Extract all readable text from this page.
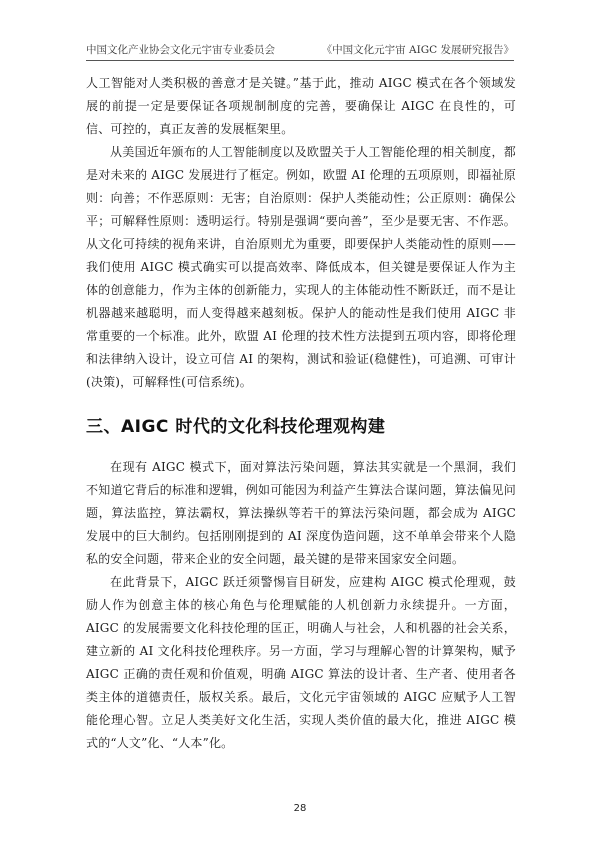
中国文化产业协会文化元宇宙专业委员会	《中国文化元宇宙 AIGC 发展研究报告》

人工智能对人类积极的善意才是关键。”基于此，推动 AIGC 模式在各个领域发展的前提一定是要保证各项规制制度的完善，要确保让 AIGC 在良性的，可信、可控的，真正友善的发展框架里。

从美国近年颁布的人工智能制度以及欧盟关于人工智能伦理的相关制度，都是对未来的 AIGC 发展进行了框定。例如，欧盟 AI 伦理的五项原则，即福祉原则：向善；不作恶原则：无害；自治原则：保护人类能动性；公正原则：确保公平；可解释性原则：透明运行。特别是强调“要向善”，至少是要无害、不作恶。从文化可持续的视角来讲，自治原则尤为重要，即要保护人类能动性的原则——我们使用 AIGC 模式确实可以提高效率、降低成本，但关键是要保证人作为主体的创意能力，作为主体的创新能力，实现人的主体能动性不断跃迁，而不是让机器越来越聪明，而人变得越来越刻板。保护人的能动性是我们使用 AIGC 非常重要的一个标准。此外，欧盟 AI 伦理的技术性方法提到五项内容，即将伦理和法律纳入设计，设立可信 AI 的架构，测试和验证(稳健性)，可追溯、可审计(决策)，可解释性(可信系统)。

三、AIGC 时代的文化科技伦理观构建

在现有 AIGC 模式下，面对算法污染问题，算法其实就是一个黑洞，我们不知道它背后的标准和逻辑，例如可能因为利益产生算法合谋问题，算法偏见问题，算法监控，算法霸权，算法操纵等若干的算法污染问题，都会成为 AIGC 发展中的巨大制约。包括刚刚提到的 AI 深度伪造问题，这不单单会带来个人隐私的安全问题，带来企业的安全问题，最关键的是带来国家安全问题。

在此背景下，AIGC 跃迁须警惕盲目研发，应建构 AIGC 模式伦理观，鼓励人作为创意主体的核心角色与伦理赋能的人机创新力永续提升。一方面，AIGC 的发展需要文化科技伦理的匡正，明确人与社会，人和机器的社会关系，建立新的 AI 文化科技伦理秩序。另一方面，学习与理解心智的计算架构，赋予 AIGC 正确的责任观和价值观，明确 AIGC 算法的设计者、生产者、使用者各类主体的道德责任，版权关系。最后，文化元宇宙领域的 AIGC 应赋予人工智能伦理心智。立足人类美好文化生活，实现人类价值的最大化，推进 AIGC 模式的“人文”化、“人本”化。

28
